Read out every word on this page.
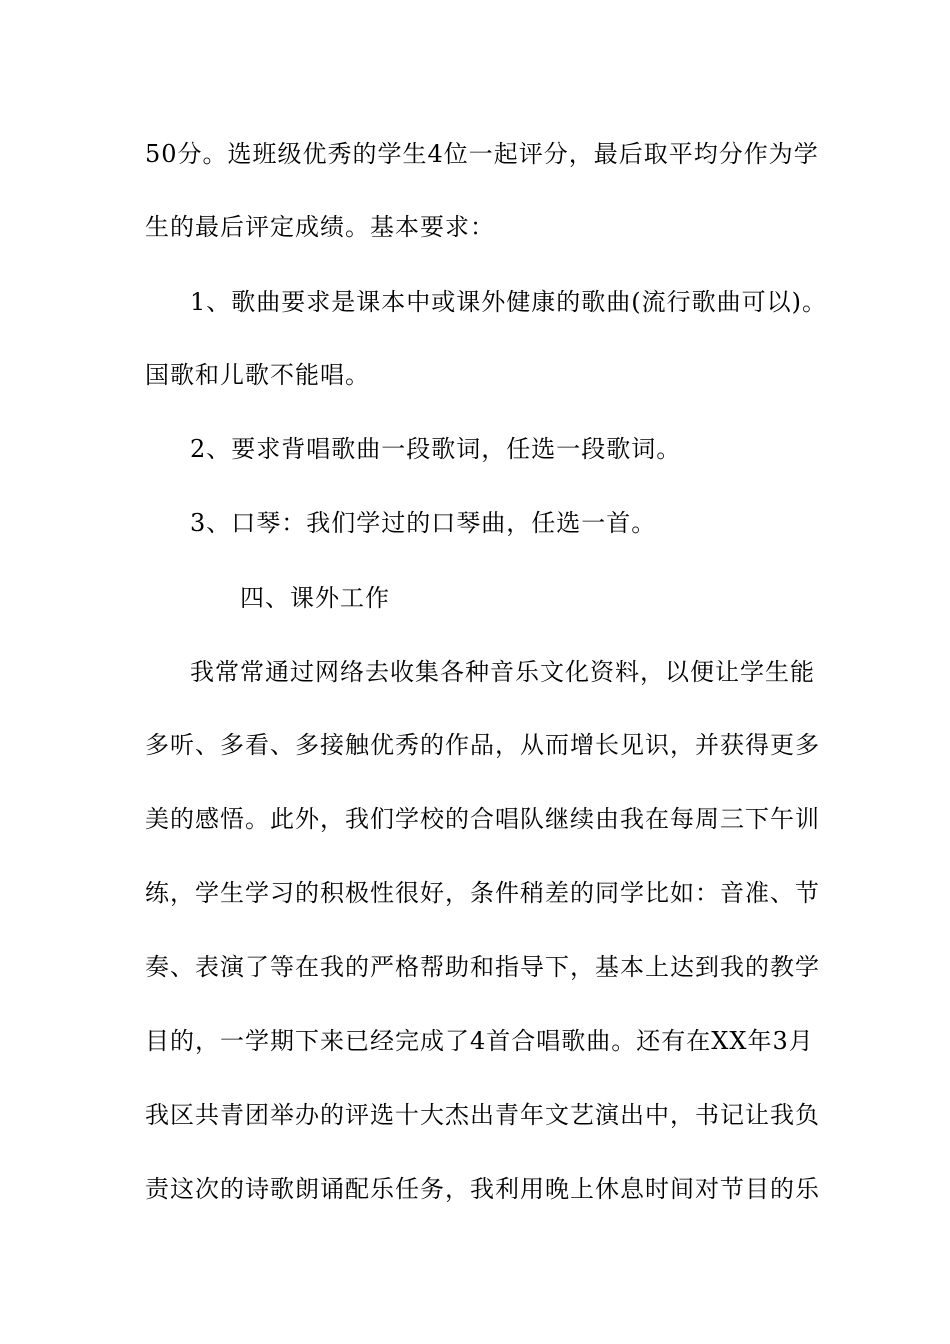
50分。选班级优秀的学生4位一起评分，最后取平均分作为学
生的最后评定成绩。基本要求：
1、歌曲要求是课本中或课外健康的歌曲(流行歌曲可以)。
国歌和儿歌不能唱。
2、要求背唱歌曲一段歌词，任选一段歌词。
3、口琴：我们学过的口琴曲，任选一首。
四、课外工作
我常常通过网络去收集各种音乐文化资料，以便让学生能
多听、多看、多接触优秀的作品，从而增长见识，并获得更多
美的感悟。此外，我们学校的合唱队继续由我在每周三下午训
练，学生学习的积极性很好，条件稍差的同学比如：音准、节
奏、表演了等在我的严格帮助和指导下，基本上达到我的教学
目的，一学期下来已经完成了4首合唱歌曲。还有在XX年3月
我区共青团举办的评选十大杰出青年文艺演出中，书记让我负
责这次的诗歌朗诵配乐任务，我利用晚上休息时间对节目的乐
